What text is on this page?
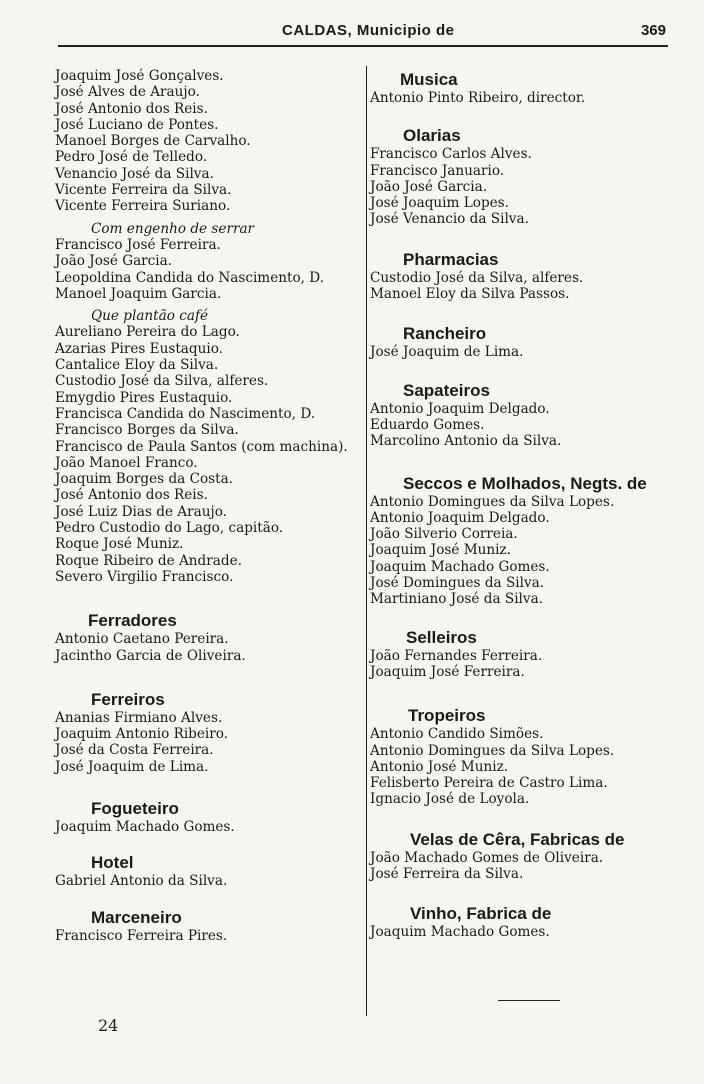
CALDAS, Municipio de	369
Joaquim José Gonçalves.
José Alves de Araujo.
José Antonio dos Reis.
José Luciano de Pontes.
Manoel Borges de Carvalho.
Pedro José de Telledo.
Venancio José da Silva.
Vicente Ferreira da Silva.
Vicente Ferreira Suriano.
Com engenho de serrar
Francisco José Ferreira.
João José Garcia.
Leopoldina Candida do Nascimento, D.
Manoel Joaquim Garcia.
Que plantão café
Aureliano Pereira do Lago.
Azarias Pires Eustaquio.
Cantalice Eloy da Silva.
Custodio José da Silva, alferes.
Emygdio Pires Eustaquio.
Francisca Candida do Nascimento, D.
Francisco Borges da Silva.
Francisco de Paula Santos (com machina).
João Manoel Franco.
Joaquim Borges da Costa.
José Antonio dos Reis.
José Luiz Dias de Araujo.
Pedro Custodio do Lago, capitão.
Roque José Muniz.
Roque Ribeiro de Andrade.
Severo Virgilio Francisco.
Ferradores
Antonio Caetano Pereira.
Jacintho Garcia de Oliveira.
Ferreiros
Ananias Firmiano Alves.
Joaquim Antonio Ribeiro.
José da Costa Ferreira.
José Joaquim de Lima.
Fogueteiro
Joaquim Machado Gomes.
Hotel
Gabriel Antonio da Silva.
Marceneiro
Francisco Ferreira Pires.
Musica
Antonio Pinto Ribeiro, director.
Olarias
Francisco Carlos Alves.
Francisco Januario.
João José Garcia.
José Joaquim Lopes.
José Venancio da Silva.
Pharmacias
Custodio José da Silva, alferes.
Manoel Eloy da Silva Passos.
Rancheiro
José Joaquim de Lima.
Sapateiros
Antonio Joaquim Delgado.
Eduardo Gomes.
Marcolino Antonio da Silva.
Seccos e Molhados, Negts. de
Antonio Domingues da Silva Lopes.
Antonio Joaquim Delgado.
João Silverio Correia.
Joaquim José Muniz.
Joaquim Machado Gomes.
José Domingues da Silva.
Martiniano José da Silva.
Selleiros
João Fernandes Ferreira.
Joaquim José Ferreira.
Tropeiros
Antonio Candido Simões.
Antonio Domingues da Silva Lopes.
Antonio José Muniz.
Felisberto Pereira de Castro Lima.
Ignacio José de Loyola.
Velas de Cêra, Fabricas de
João Machado Gomes de Oliveira.
José Ferreira da Silva.
Vinho, Fabrica de
Joaquim Machado Gomes.
24
